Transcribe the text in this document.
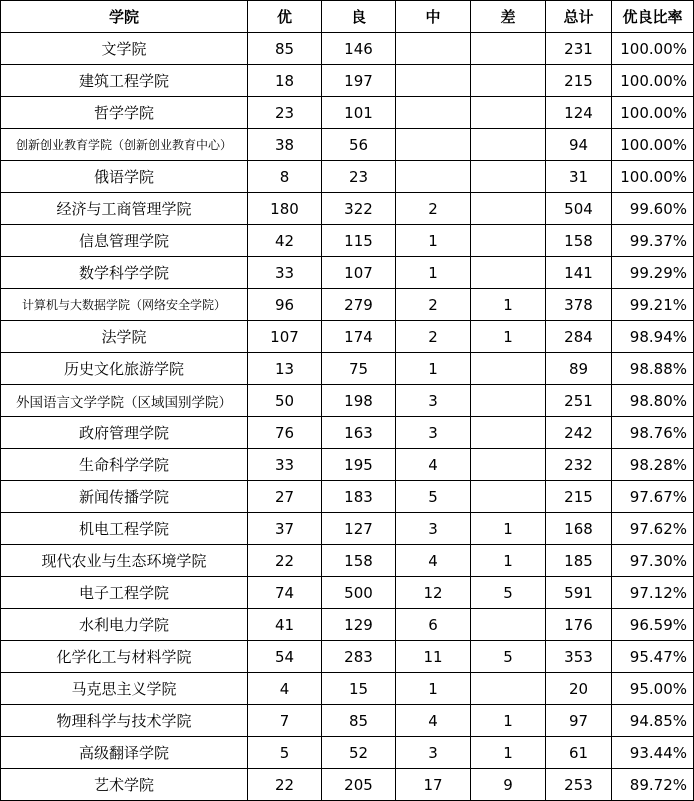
学院	优	良	中	差	总计	优良比率
文学院	85	146			231	100.00%
建筑工程学院	18	197			215	100.00%
哲学学院	23	101			124	100.00%
创新创业教育学院（创新创业教育中心）	38	56			94	100.00%
俄语学院	8	23			31	100.00%
经济与工商管理学院	180	322	2		504	99.60%
信息管理学院	42	115	1		158	99.37%
数学科学学院	33	107	1		141	99.29%
计算机与大数据学院（网络安全学院）	96	279	2	1	378	99.21%
法学院	107	174	2	1	284	98.94%
历史文化旅游学院	13	75	1		89	98.88%
外国语言文学学院（区域国别学院）	50	198	3		251	98.80%
政府管理学院	76	163	3		242	98.76%
生命科学学院	33	195	4		232	98.28%
新闻传播学院	27	183	5		215	97.67%
机电工程学院	37	127	3	1	168	97.62%
现代农业与生态环境学院	22	158	4	1	185	97.30%
电子工程学院	74	500	12	5	591	97.12%
水利电力学院	41	129	6		176	96.59%
化学化工与材料学院	54	283	11	5	353	95.47%
马克思主义学院	4	15	1		20	95.00%
物理科学与技术学院	7	85	4	1	97	94.85%
高级翻译学院	5	52	3	1	61	93.44%
艺术学院	22	205	17	9	253	89.72%
